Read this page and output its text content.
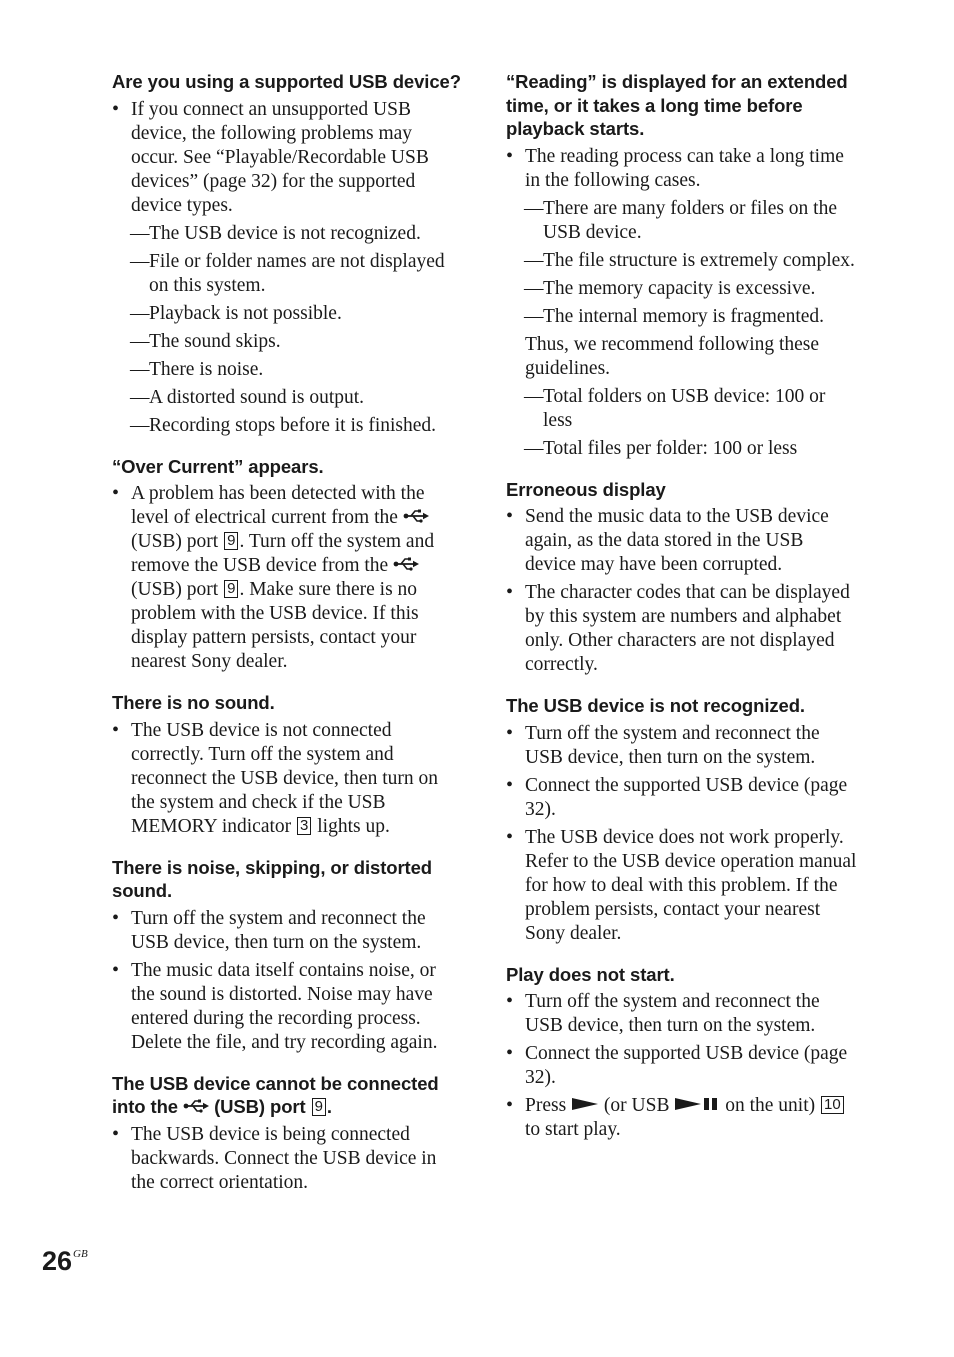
Are you using a supported USB device?
• If you connect an unsupported USB device, the following problems may occur. See “Playable/Recordable USB devices” (page 32) for the supported device types.
— The USB device is not recognized.
— File or folder names are not displayed on this system.
— Playback is not possible.
— The sound skips.
— There is noise.
— A distorted sound is output.
— Recording stops before it is finished.
“Over Current” appears.
• A problem has been detected with the level of electrical current from the  (USB) port 9 . Turn off the system and remove the USB device from the  (USB) port 9 . Make sure there is no problem with the USB device. If this display pattern persists, contact your nearest Sony dealer.
There is no sound.
• The USB device is not connected correctly. Turn off the system and reconnect the USB device, then turn on the system and check if the USB MEMORY indicator 3 lights up.
There is noise, skipping, or distorted sound.
• Turn off the system and reconnect the USB device, then turn on the system.
• The music data itself contains noise, or the sound is distorted. Noise may have entered during the recording process. Delete the file, and try recording again.
The USB device cannot be connected into the (USB) port 9 .
• The USB device is being connected backwards. Connect the USB device in the correct orientation.
“Reading” is displayed for an extended time, or it takes a long time before playback starts.
• The reading process can take a long time in the following cases.
— There are many folders or files on the USB device.
— The file structure is extremely complex.
— The memory capacity is excessive.
— The internal memory is fragmented.
Thus, we recommend following these guidelines.
— Total folders on USB device: 100 or less
— Total files per folder: 100 or less
Erroneous display
• Send the music data to the USB device again, as the data stored in the USB device may have been corrupted.
• The character codes that can be displayed by this system are numbers and alphabet only. Other characters are not displayed correctly.
The USB device is not recognized.
• Turn off the system and reconnect the USB device, then turn on the system.
• Connect the supported USB device (page 32).
• The USB device does not work properly. Refer to the USB device operation manual for how to deal with this problem. If the problem persists, contact your nearest Sony dealer.
Play does not start.
• Turn off the system and reconnect the USB device, then turn on the system.
• Connect the supported USB device (page 32).
• Press (or USB	on the unit) 10 to start play.
$26^{GB}$
